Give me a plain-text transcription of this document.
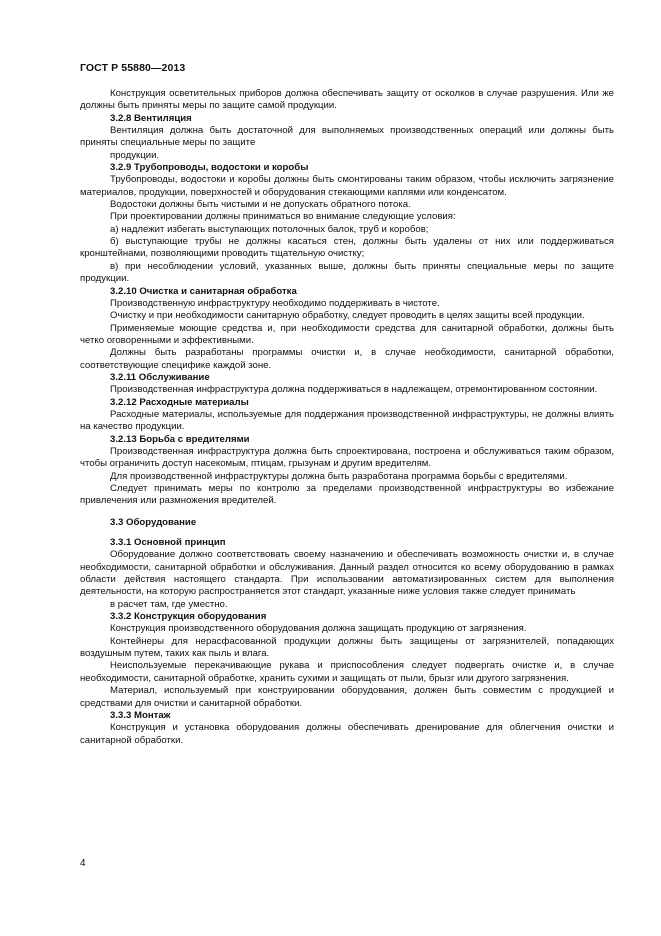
ГОСТ Р 55880—2013

Конструкция осветительных приборов должна обеспечивать защиту от осколков в случае разрушения. Или же должны быть приняты меры по защите самой продукции.

3.2.8 Вентиляция

Вентиляция должна быть достаточной для выполняемых производственных операций или должны быть приняты специальные меры по защите

продукции.

3.2.9 Трубопроводы, водостоки и коробы

Трубопроводы, водостоки и коробы должны быть смонтированы таким образом, чтобы исключить загрязнение материалов, продукции, поверхностей и оборудования стекающими каплями или конденсатом.

Водостоки должны быть чистыми и не допускать обратного потока.

При проектировании должны приниматься во внимание следующие условия:

а) надлежит избегать выступающих потолочных балок, труб и коробов;

б) выступающие трубы не должны касаться стен, должны быть удалены от них или поддерживаться кронштейнами, позволяющими проводить тщательную очистку;

в) при несоблюдении условий, указанных выше, должны быть приняты специальные меры по защите продукции.

3.2.10 Очистка и санитарная обработка

Производственную инфраструктуру необходимо поддерживать в чистоте.

Очистку и при необходимости санитарную обработку, следует проводить в целях защиты всей продукции.

Применяемые моющие средства и, при необходимости средства для санитарной обработки, должны быть четко оговоренными и эффективными.

Должны быть разработаны программы очистки и, в случае необходимости, санитарной обработки, соответствующие специфике каждой зоне.

3.2.11 Обслуживание

Производственная инфраструктура должна поддерживаться в надлежащем, отремонтированном состоянии.

3.2.12 Расходные материалы

Расходные материалы, используемые для поддержания производственной инфраструктуры, не должны влиять на качество продукции.

3.2.13 Борьба с вредителями

Производственная инфраструктура должна быть спроектирована, построена и обслуживаться таким образом, чтобы ограничить доступ насекомым, птицам, грызунам и другим вредителям.

Для производственной инфраструктуры должна быть разработана программа борьбы с вредителями.

Следует принимать меры по контролю за пределами производственной инфраструктуры во избежание привлечения или размножения вредителей.

3.3 Оборудование

3.3.1 Основной принцип

Оборудование должно соответствовать своему назначению и обеспечивать возможность очистки и, в случае необходимости, санитарной обработки и обслуживания. Данный раздел относится ко всему оборудованию в рамках области действия настоящего стандарта. При использовании автоматизированных систем для выполнения деятельности, на которую распространяется этот стандарт, указанные ниже условия также следует принимать

в расчет там, где уместно.

3.3.2 Конструкция оборудования

Конструкция производственного оборудования должна защищать продукцию от загрязнения.

Контейнеры для нерасфасованной продукции должны быть защищены от загрязнителей, попадающих воздушным путем, таких как пыль и влага.

Неиспользуемые перекачивающие рукава и приспособления следует подвергать очистке и, в случае необходимости, санитарной обработке, хранить сухими и защищать от пыли, брызг или другого загрязнения.

Материал, используемый при конструировании оборудования, должен быть совместим с продукцией и средствами для очистки и санитарной обработки.

3.3.3 Монтаж

Конструкция и установка оборудования должны обеспечивать дренирование для облегчения очистки и санитарной обработки.

4
